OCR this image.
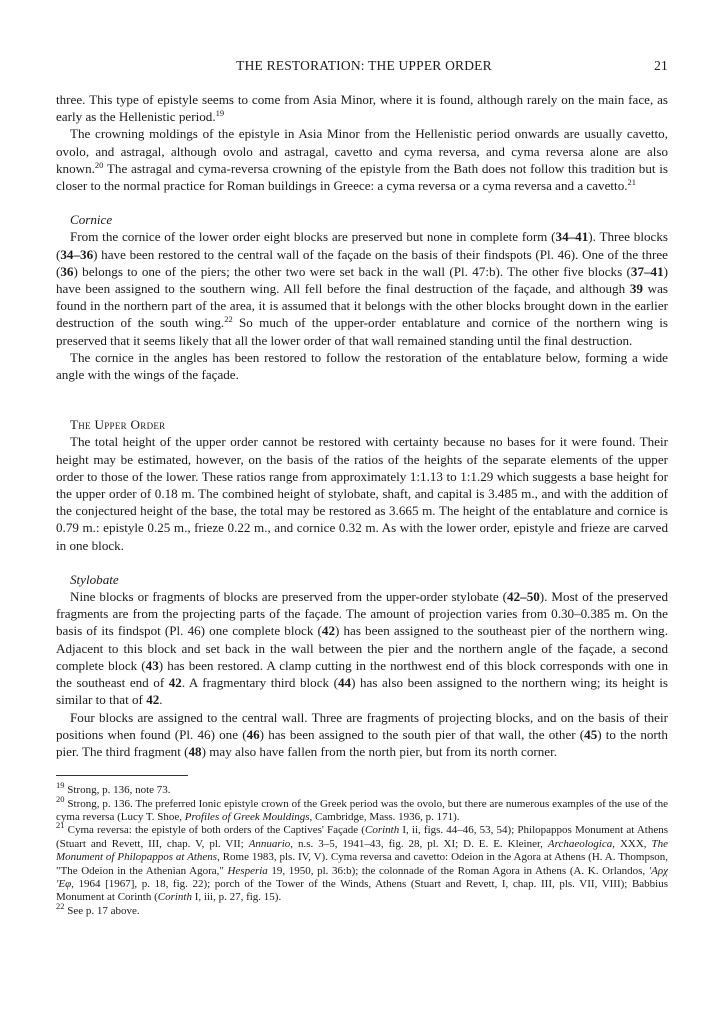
THE RESTORATION: THE UPPER ORDER	21

three. This type of epistyle seems to come from Asia Minor, where it is found, although rarely on the main face, as early as the Hellenistic period.$^{19}$

The crowning moldings of the epistyle in Asia Minor from the Hellenistic period onwards are usually cavetto, ovolo, and astragal, although ovolo and astragal, cavetto and cyma reversa, and cyma reversa alone are also known.$^{20}$ The astragal and cyma-reversa crowning of the epistyle from the Bath does not follow this tradition but is closer to the normal practice for Roman buildings in Greece: a cyma reversa or a cyma reversa and a cavetto.$^{21}$

Cornice

From the cornice of the lower order eight blocks are preserved but none in complete form (34–41). Three blocks (34–36) have been restored to the central wall of the façade on the basis of their findspots (Pl. 46). One of the three (36) belongs to one of the piers; the other two were set back in the wall (Pl. 47:b). The other five blocks (37–41) have been assigned to the southern wing. All fell before the final destruction of the façade, and although 39 was found in the northern part of the area, it is assumed that it belongs with the other blocks brought down in the earlier destruction of the south wing.$^{22}$ So much of the upper-order entablature and cornice of the northern wing is preserved that it seems likely that all the lower order of that wall remained standing until the final destruction.

The cornice in the angles has been restored to follow the restoration of the entablature below, forming a wide angle with the wings of the façade.

The Upper Order

The total height of the upper order cannot be restored with certainty because no bases for it were found. Their height may be estimated, however, on the basis of the ratios of the heights of the separate elements of the upper order to those of the lower. These ratios range from approximately 1:1.13 to 1:1.29 which suggests a base height for the upper order of 0.18 m. The combined height of stylobate, shaft, and capital is 3.485 m., and with the addition of the conjectured height of the base, the total may be restored as 3.665 m. The height of the entablature and cornice is 0.79 m.: epistyle 0.25 m., frieze 0.22 m., and cornice 0.32 m. As with the lower order, epistyle and frieze are carved in one block.

Stylobate

Nine blocks or fragments of blocks are preserved from the upper-order stylobate (42–50). Most of the preserved fragments are from the projecting parts of the façade. The amount of projection varies from 0.30–0.385 m. On the basis of its findspot (Pl. 46) one complete block (42) has been assigned to the southeast pier of the northern wing. Adjacent to this block and set back in the wall between the pier and the northern angle of the façade, a second complete block (43) has been restored. A clamp cutting in the northwest end of this block corresponds with one in the southeast end of 42. A fragmentary third block (44) has also been assigned to the northern wing; its height is similar to that of 42.

Four blocks are assigned to the central wall. Three are fragments of projecting blocks, and on the basis of their positions when found (Pl. 46) one (46) has been assigned to the south pier of that wall, the other (45) to the north pier. The third fragment (48) may also have fallen from the north pier, but from its north corner.

$^{19}$ Strong, p. 136, note 73.

$^{20}$ Strong, p. 136. The preferred Ionic epistyle crown of the Greek period was the ovolo, but there are numerous examples of the use of the cyma reversa (Lucy T. Shoe, Profiles of Greek Mouldings, Cambridge, Mass. 1936, p. 171).

$^{21}$ Cyma reversa: the epistyle of both orders of the Captives' Façade (Corinth I, ii, figs. 44–46, 53, 54); Philopappos Monument at Athens (Stuart and Revett, III, chap. V, pl. VII; Annuario, n.s. 3–5, 1941–43, fig. 28, pl. XI; D. E. E. Kleiner, Archaeologica, XXX, The Monument of Philopappos at Athens, Rome 1983, pls. IV, V). Cyma reversa and cavetto: Odeion in the Agora at Athens (H. A. Thompson, "The Odeion in the Athenian Agora," Hesperia 19, 1950, pl. 36:b); the colonnade of the Roman Agora in Athens (A. K. Orlandos, 'Αρχ 'Εφ, 1964 [1967], p. 18, fig. 22); porch of the Tower of the Winds, Athens (Stuart and Revett, I, chap. III, pls. VII, VIII); Babbius Monument at Corinth (Corinth I, iii, p. 27, fig. 15).

$^{22}$ See p. 17 above.
